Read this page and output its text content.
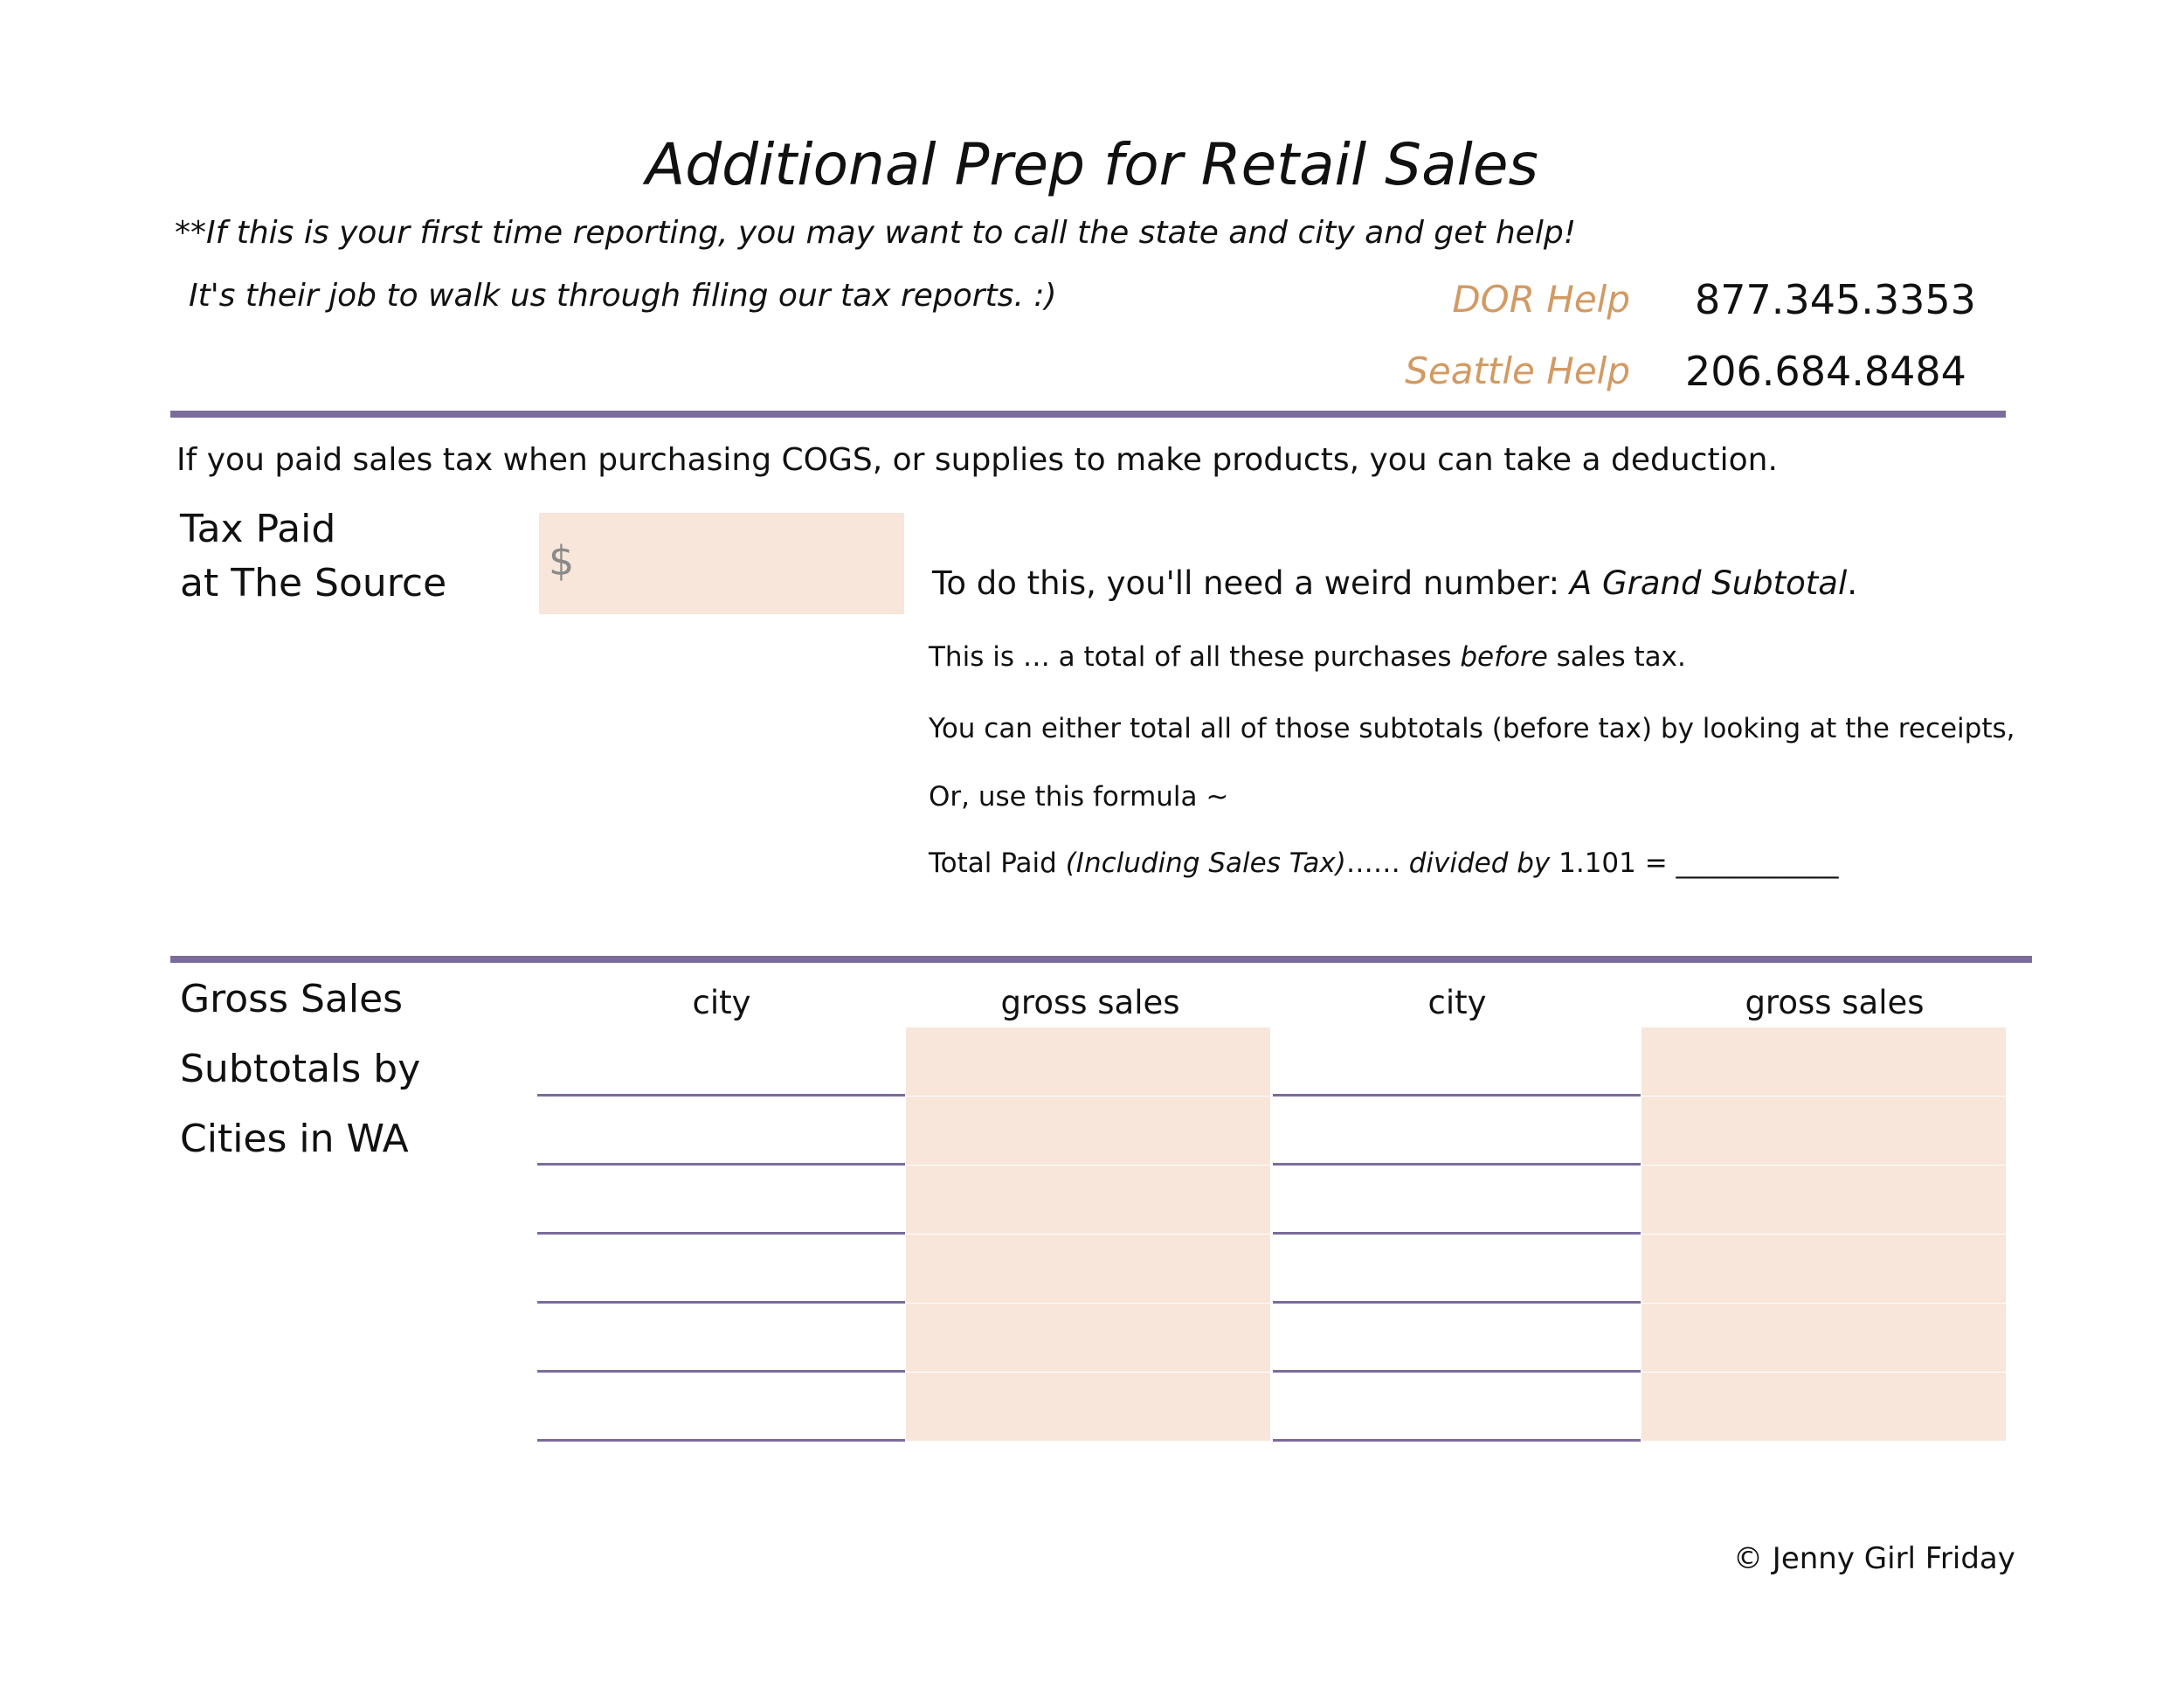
Additional Prep for Retail Sales
**If this is your first time reporting, you may want to call the state and city and get help!
It's their job to walk us through filing our tax reports. :)	DOR Help 877.345.3353
Seattle Help 206.684.8484
If you paid sales tax when purchasing COGS, or supplies to make products, you can take a deduction.
Tax Paid
at The Source	$	To do this, you'll need a weird number: A Grand Subtotal.
This is … a total of all these purchases before sales tax.
You can either total all of those subtotals (before tax) by looking at the receipts,
Or, use this formula ~
Total Paid (Including Sales Tax)…… divided by 1.101 = ____________
Gross Sales
Subtotals by
Cities in WA
city	gross sales	city	gross sales
© Jenny Girl Friday
